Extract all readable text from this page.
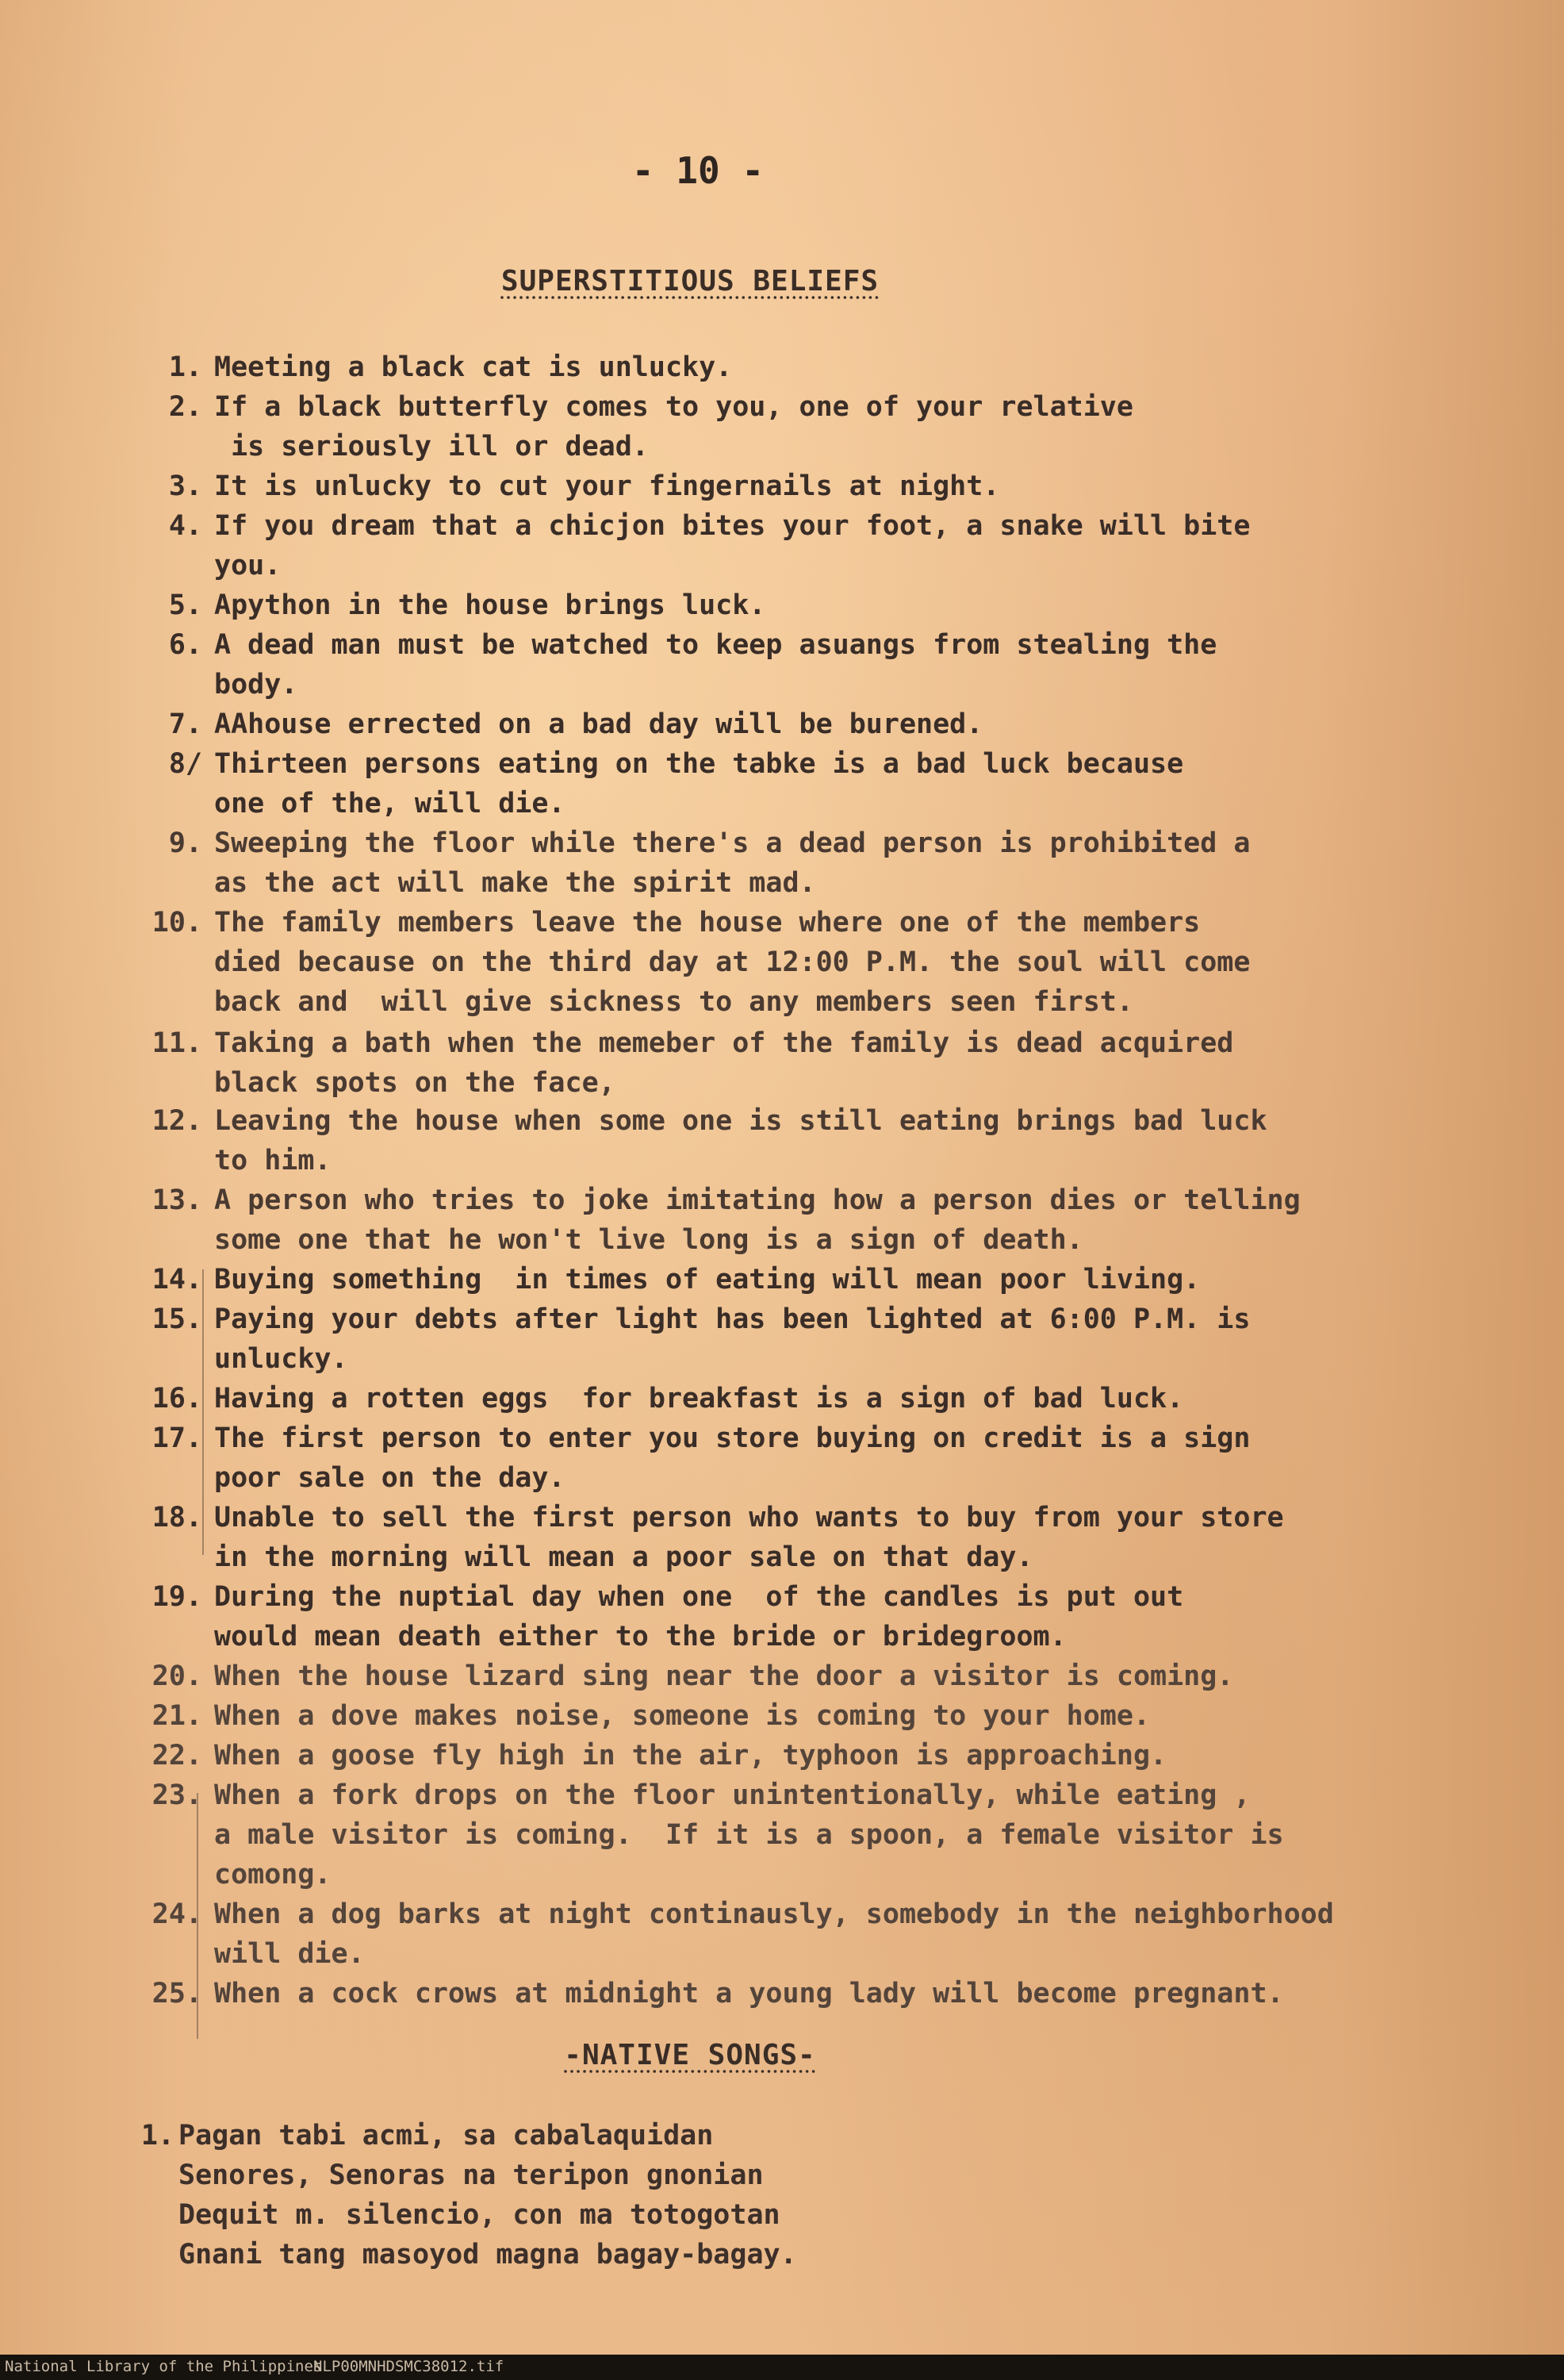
- 10 -
SUPERSTITIOUS BELIEFS
1. Meeting a black cat is unlucky.
2. If a black butterfly comes to you, one of your relative
is seriously ill or dead.
3. It is unlucky to cut your fingernails at night.
4. If you dream that a chicjon bites your foot, a snake will bite
you.
5. Apython in the house brings luck.
6. A dead man must be watched to keep asuangs from stealing the
body.
7. AAhouse errected on a bad day will be burened.
8/ Thirteen persons eating on the tabke is a bad luck because
one of the, will die.
9. Sweeping the floor while there's a dead person is prohibited a
as the act will make the spirit mad.
10. The family members leave the house where one of the members
died because on the third day at 12:00 P.M. the soul will come
back and  will give sickness to any members seen first.
11. Taking a bath when the memeber of the family is dead acquired
black spots on the face,
12. Leaving the house when some one is still eating brings bad luck
to him.
13. A person who tries to joke imitating how a person dies or telling
some one that he won't live long is a sign of death.
14. Buying something  in times of eating will mean poor living.
15. Paying your debts after light has been lighted at 6:00 P.M. is
unlucky.
16. Having a rotten eggs  for breakfast is a sign of bad luck.
17. The first person to enter you store buying on credit is a sign
poor sale on the day.
18. Unable to sell the first person who wants to buy from your store
in the morning will mean a poor sale on that day.
19. During the nuptial day when one  of the candles is put out
would mean death either to the bride or bridegroom.
20. When the house lizard sing near the door a visitor is coming.
21. When a dove makes noise, someone is coming to your home.
22. When a goose fly high in the air, typhoon is approaching.
23. When a fork drops on the floor unintentionally, while eating ,
a male visitor is coming.  If it is a spoon, a female visitor is
comong.
24. When a dog barks at night continausly, somebody in the neighborhood
will die.
25. When a cock crows at midnight a young lady will become pregnant.
-NATIVE SONGS-
1. Pagan tabi acmi, sa cabalaquidan
Senores, Senoras na teripon gnonian
Dequit m. silencio, con ma totogotan
Gnani tang masoyod magna bagay-bagay.
National Library of the Philippines
NLP00MNHDSMC38012.tif
